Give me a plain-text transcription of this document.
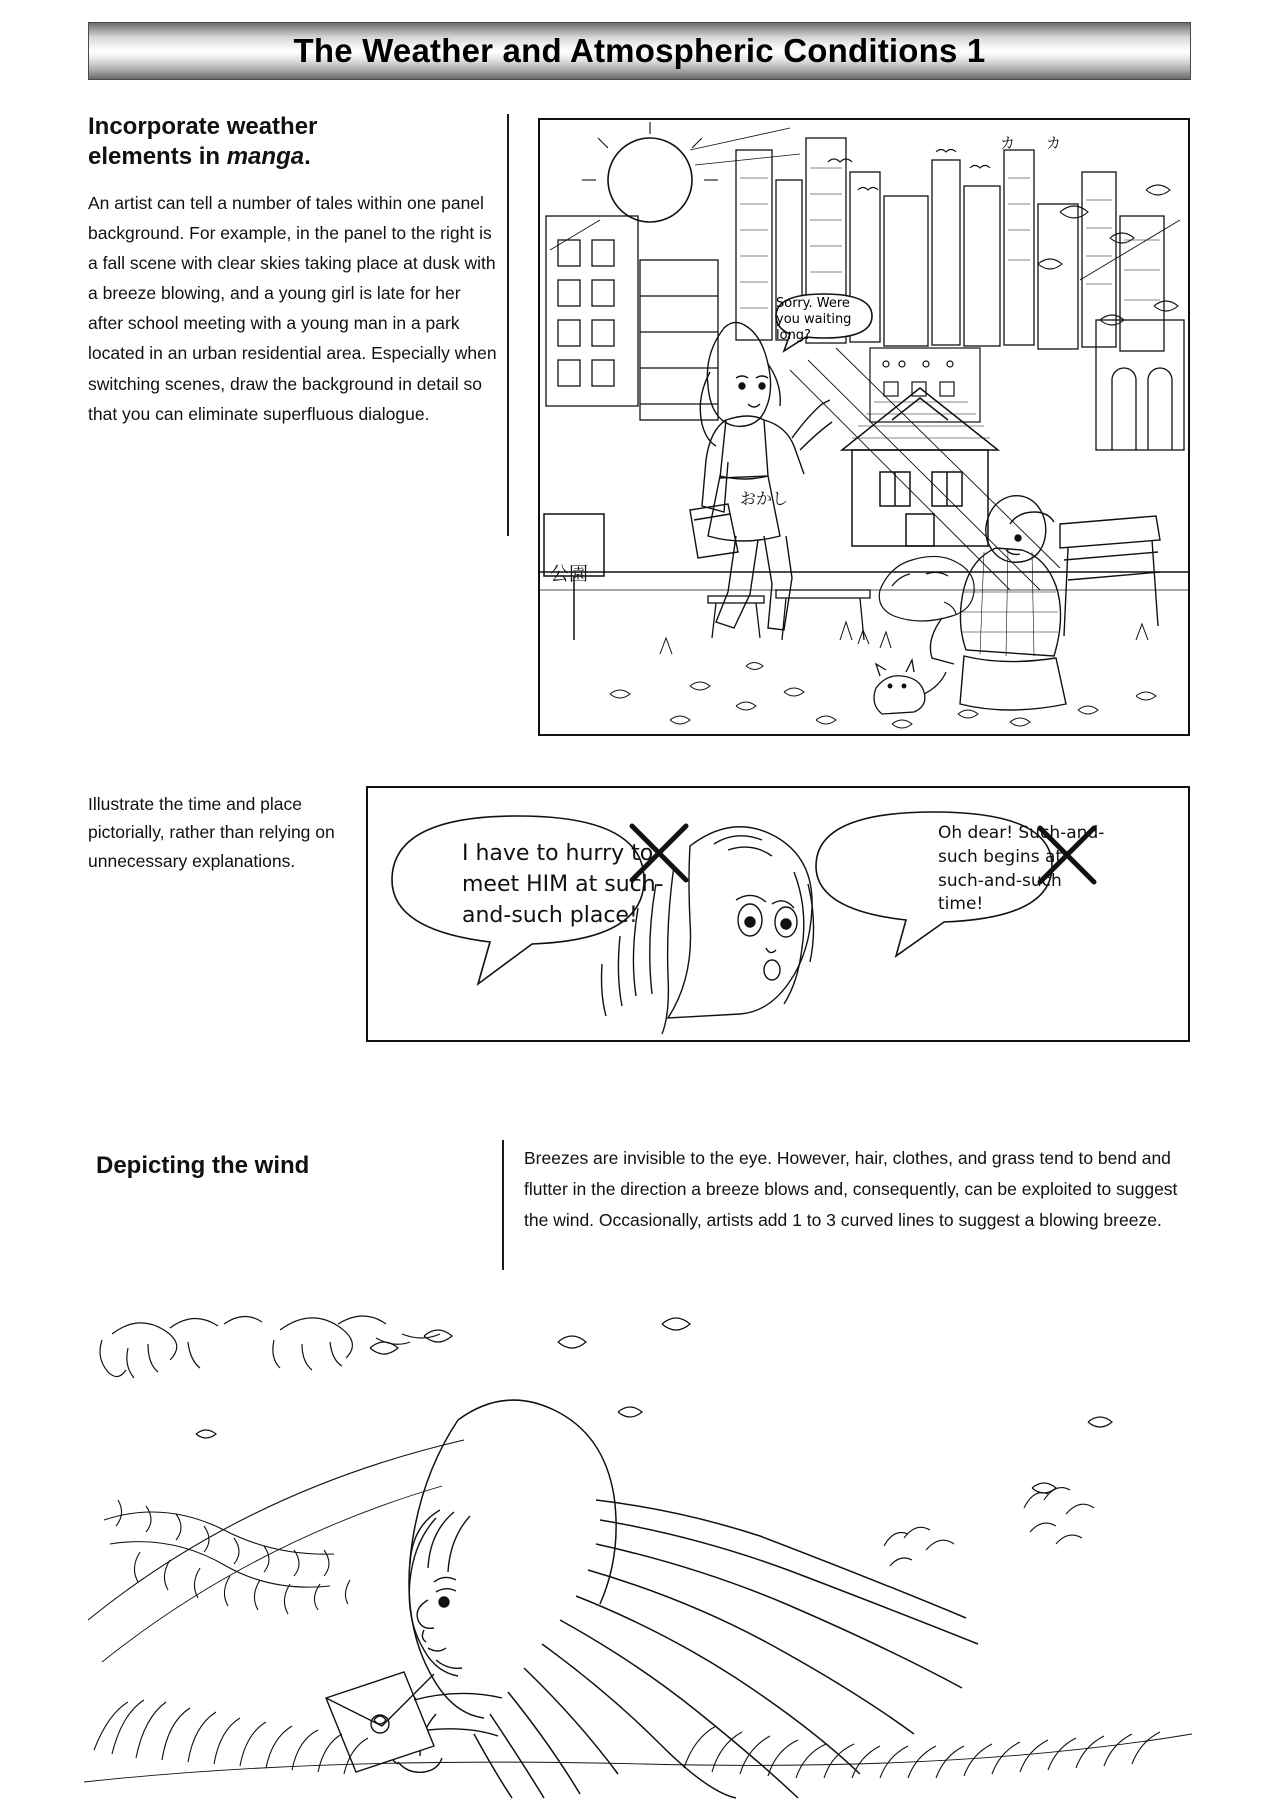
The Weather and Atmospheric Conditions 1
Incorporate weather
elements in manga.

An artist can tell a number of tales within one panel background. For example, in the panel to the right is a fall scene with clear skies taking place at dusk with a breeze blowing, and a young girl is late for her after school meeting with a young man in a park located in an urban residential area. Especially when switching scenes, draw the background in detail so that you can eliminate superfluous dialogue.

Sorry. Were you waiting long?
おかし
公園
カ カ
Illustrate the time and place pictorially, rather than relying on unnecessary explanations.	I have to hurry to meet HIM at such-and-such place!
Oh dear! Such-and-such begins at such-and-such time!
Depicting the wind	Breezes are invisible to the eye. However, hair, clothes, and grass tend to bend and flutter in the direction a breeze blows and, consequently, can be exploited to suggest the wind. Occasionally, artists add 1 to 3 curved lines to suggest a blowing breeze.
